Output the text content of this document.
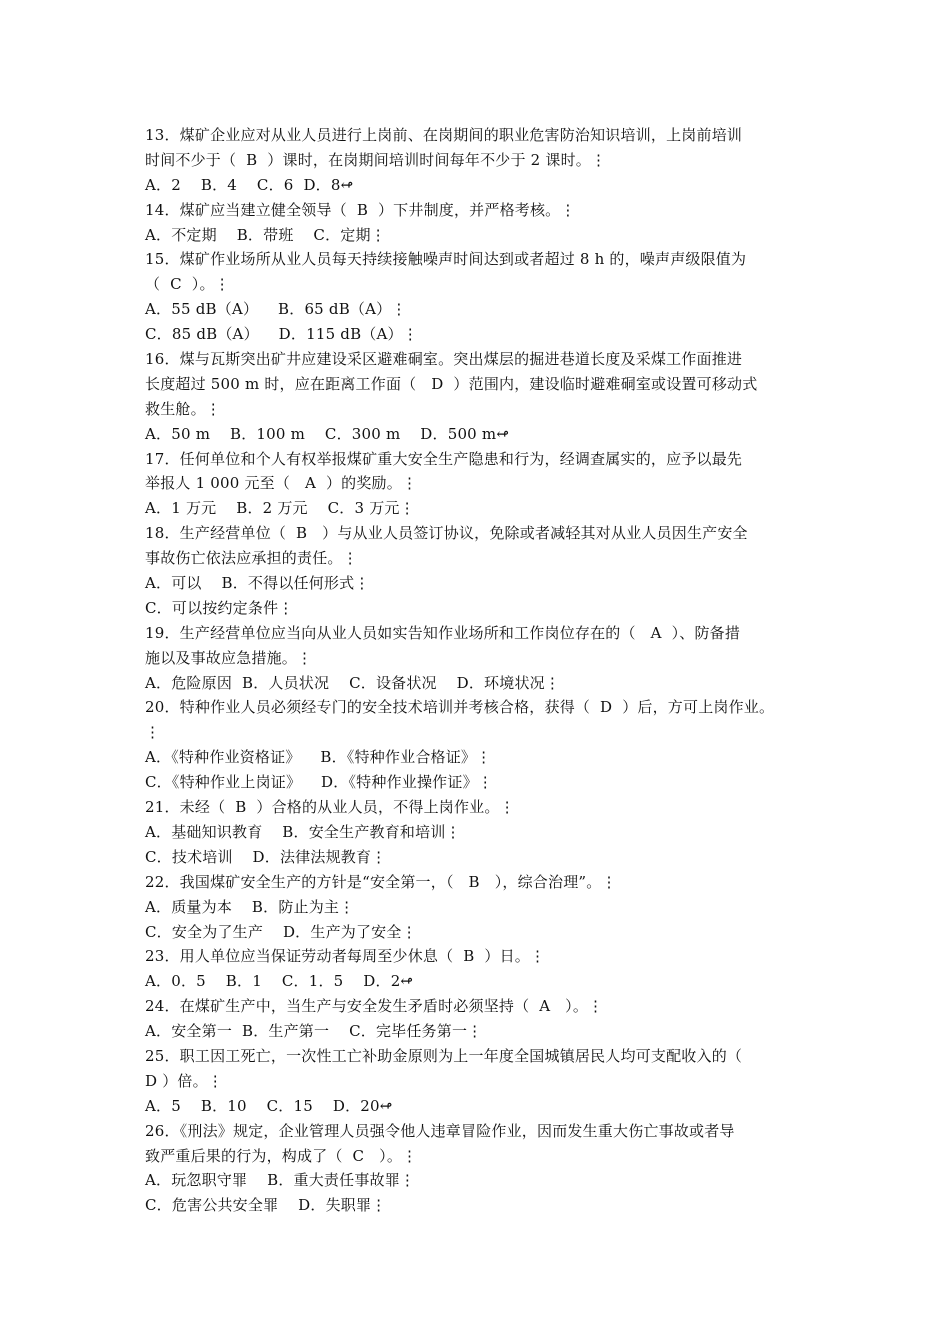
13．煤矿企业应对从业人员进行上岗前、在岗期间的职业危害防治知识培训，上岗前培训
时间不少于（  B  ）课时，在岗期间培训时间每年不少于 2 课时。⋮
A．2    B．4    C．6  D．8↫
14．煤矿应当建立健全领导（  B  ）下井制度，并严格考核。⋮
A．不定期    B．带班    C．定期⋮
15．煤矿作业场所从业人员每天持续接触噪声时间达到或者超过 8 h 的，噪声声级限值为
（  C  ）。⋮
A．55 dB（A）    B．65 dB（A）⋮
C．85 dB（A）    D．115 dB（A）⋮
16．煤与瓦斯突出矿井应建设采区避难硐室。突出煤层的掘进巷道长度及采煤工作面推进
长度超过 500 m 时，应在距离工作面（   D  ）范围内，建设临时避难硐室或设置可移动式
救生舱。⋮
A．50 m    B．100 m    C．300 m    D．500 m↫
17．任何单位和个人有权举报煤矿重大安全生产隐患和行为，经调查属实的，应予以最先
举报人 1 000 元至（   A  ）的奖励。⋮
A．1 万元    B．2 万元    C．3 万元⋮
18．生产经营单位（  B   ）与从业人员签订协议，免除或者减轻其对从业人员因生产安全
事故伤亡依法应承担的责任。⋮
A．可以    B．不得以任何形式⋮
C．可以按约定条件⋮
19．生产经营单位应当向从业人员如实告知作业场所和工作岗位存在的（   A  ）、防备措
施以及事故应急措施。⋮
A．危险原因  B．人员状况    C．设备状况    D．环境状况⋮
20．特种作业人员必须经专门的安全技术培训并考核合格，获得（  D  ）后，方可上岗作业。
⋮
A．《特种作业资格证》    B．《特种作业合格证》⋮
C．《特种作业上岗证》    D．《特种作业操作证》⋮
21．未经（  B  ）合格的从业人员，不得上岗作业。⋮
A．基础知识教育    B．安全生产教育和培训⋮
C．技术培训    D．法律法规教育⋮
22．我国煤矿安全生产的方针是“安全第一，（   B   ），综合治理”。⋮
A．质量为本    B．防止为主⋮
C．安全为了生产    D．生产为了安全⋮
23．用人单位应当保证劳动者每周至少休息（  B  ）日。⋮
A．0．5    B．1    C．1．5    D．2↫
24．在煤矿生产中，当生产与安全发生矛盾时必须坚持（  A   ）。⋮
A．安全第一  B．生产第一    C．完毕任务第一⋮
25．职工因工死亡，一次性工亡补助金原则为上一年度全国城镇居民人均可支配收入的（
D ）倍。⋮
A．5    B．10    C．15    D．20↫
26．《刑法》规定，企业管理人员强令他人违章冒险作业，因而发生重大伤亡事故或者导
致严重后果的行为，构成了（  C   ）。⋮
A．玩忽职守罪    B．重大责任事故罪⋮
C．危害公共安全罪    D．失职罪⋮
